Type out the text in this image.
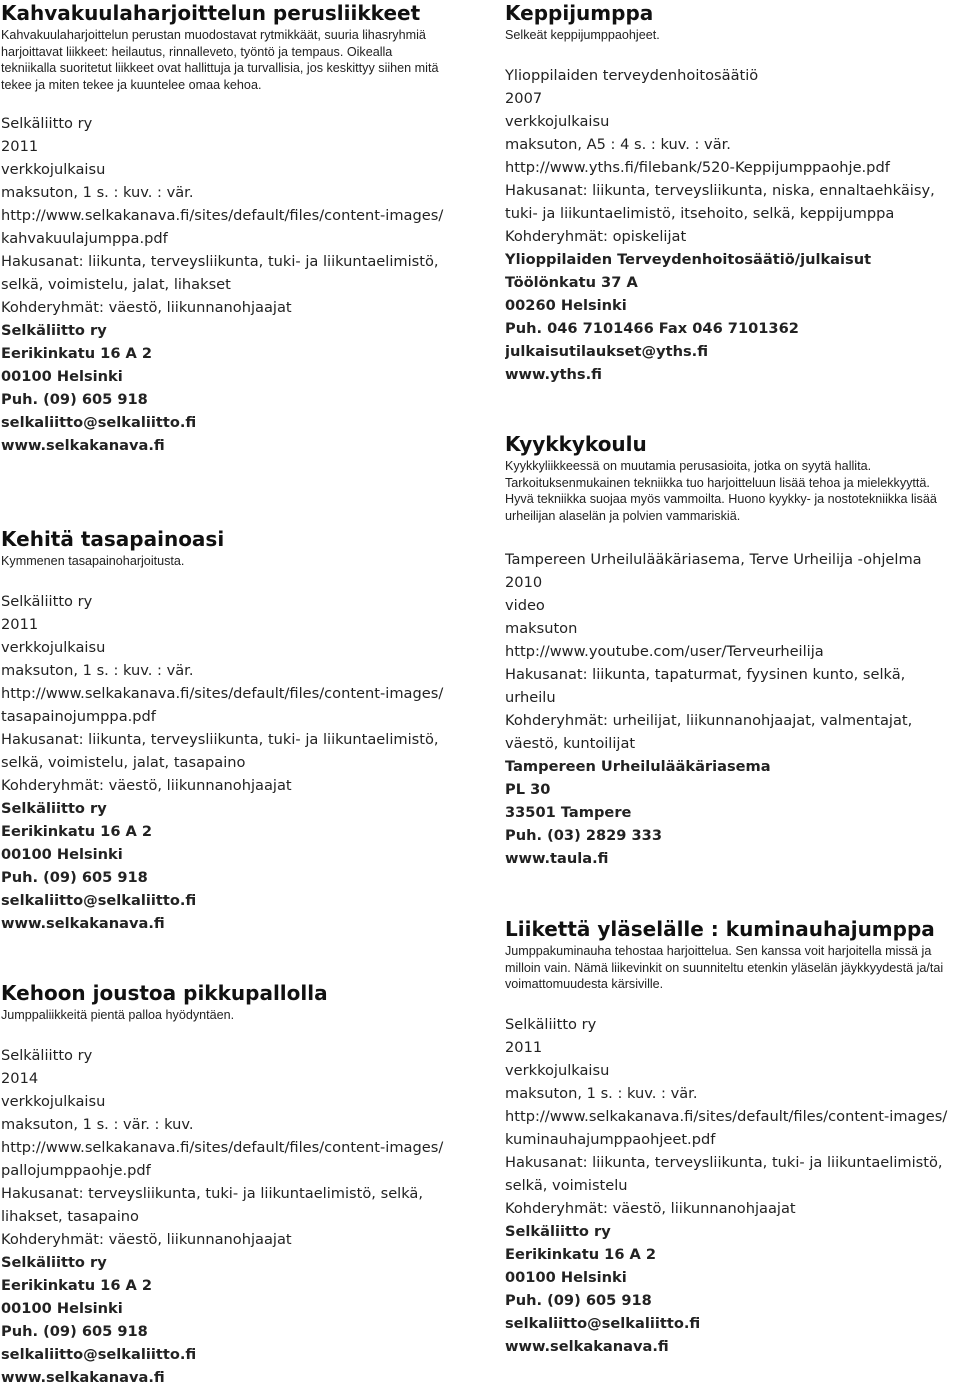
Kahvakuulaharjoittelun perusliikkeet

Kahvakuulaharjoittelun perustan muodostavat rytmikkäät, suuria lihasryhmiä harjoittavat liikkeet: heilautus, rinnalleveto, työntö ja tempaus. Oikealla tekniikalla suoritetut liikkeet ovat hallittuja ja turvallisia, jos keskittyy siihen mitä tekee ja miten tekee ja kuuntelee omaa kehoa.

Selkäliitto ry
2011
verkkojulkaisu
maksuton, 1 s. : kuv. : vär.
http://www.selkakanava.fi/sites/default/files/content-images/
kahvakuulajumppa.pdf
Hakusanat: liikunta, terveysliikunta, tuki- ja liikuntaelimistö,
selkä, voimistelu, jalat, lihakset
Kohderyhmät: väestö, liikunnanohjaajat
Selkäliitto ry
Eerikinkatu 16 A 2
00100 Helsinki
Puh. (09) 605 918
selkaliitto@selkaliitto.fi
www.selkakanava.fi
Kehitä tasapainoasi

Kymmenen tasapainoharjoitusta.

Selkäliitto ry
2011
verkkojulkaisu
maksuton, 1 s. : kuv. : vär.
http://www.selkakanava.fi/sites/default/files/content-images/
tasapainojumppa.pdf
Hakusanat: liikunta, terveysliikunta, tuki- ja liikuntaelimistö,
selkä, voimistelu, jalat, tasapaino
Kohderyhmät: väestö, liikunnanohjaajat
Selkäliitto ry
Eerikinkatu 16 A 2
00100 Helsinki
Puh. (09) 605 918
selkaliitto@selkaliitto.fi
www.selkakanava.fi
Kehoon joustoa pikkupallolla

Jumppaliikkeitä pientä palloa hyödyntäen.

Selkäliitto ry
2014
verkkojulkaisu
maksuton, 1 s. : vär. : kuv.
http://www.selkakanava.fi/sites/default/files/content-images/
pallojumppaohje.pdf
Hakusanat: terveysliikunta, tuki- ja liikuntaelimistö, selkä,
lihakset, tasapaino
Kohderyhmät: väestö, liikunnanohjaajat
Selkäliitto ry
Eerikinkatu 16 A 2
00100 Helsinki
Puh. (09) 605 918
selkaliitto@selkaliitto.fi
www.selkakanava.fi
Keppijumppa

Selkeät keppijumppaohjeet.

Ylioppilaiden terveydenhoitosäätiö
2007
verkkojulkaisu
maksuton, A5 : 4 s. : kuv. : vär.
http://www.yths.fi/filebank/520-Keppijumppaohje.pdf
Hakusanat: liikunta, terveysliikunta, niska, ennaltaehkäisy,
tuki- ja liikuntaelimistö, itsehoito, selkä, keppijumppa
Kohderyhmät: opiskelijat
Ylioppilaiden Terveydenhoitosäätiö/julkaisut
Töölönkatu 37 A
00260 Helsinki
Puh. 046 7101466 Fax 046 7101362
julkaisutilaukset@yths.fi
www.yths.fi
Kyykkykoulu

Kyykkyliikkeessä on muutamia perusasioita, jotka on syytä hallita. Tarkoituksenmukainen tekniikka tuo harjoitteluun lisää tehoa ja mielekkyyttä. Hyvä tekniikka suojaa myös vammoilta. Huono kyykky- ja nostotekniikka lisää urheilijan alaselän ja polvien vammariskiä.

Tampereen Urheilulääkäriasema, Terve Urheilija -ohjelma
2010
video
maksuton
http://www.youtube.com/user/Terveurheilija
Hakusanat: liikunta, tapaturmat, fyysinen kunto, selkä,
urheilu
Kohderyhmät: urheilijat, liikunnanohjaajat, valmentajat,
väestö, kuntoilijat
Tampereen Urheilulääkäriasema
PL 30
33501 Tampere
Puh. (03) 2829 333
www.taula.fi
Liikettä yläselälle : kuminauhajumppa

Jumppakuminauha tehostaa harjoittelua. Sen kanssa voit harjoitella missä ja milloin vain. Nämä liikevinkit on suunniteltu etenkin yläselän jäykkyydestä ja/tai voimattomuudesta kärsiville.

Selkäliitto ry
2011
verkkojulkaisu
maksuton, 1 s. : kuv. : vär.
http://www.selkakanava.fi/sites/default/files/content-images/
kuminauhajumppaohjeet.pdf
Hakusanat: liikunta, terveysliikunta, tuki- ja liikuntaelimistö,
selkä, voimistelu
Kohderyhmät: väestö, liikunnanohjaajat
Selkäliitto ry
Eerikinkatu 16 A 2
00100 Helsinki
Puh. (09) 605 918
selkaliitto@selkaliitto.fi
www.selkakanava.fi
